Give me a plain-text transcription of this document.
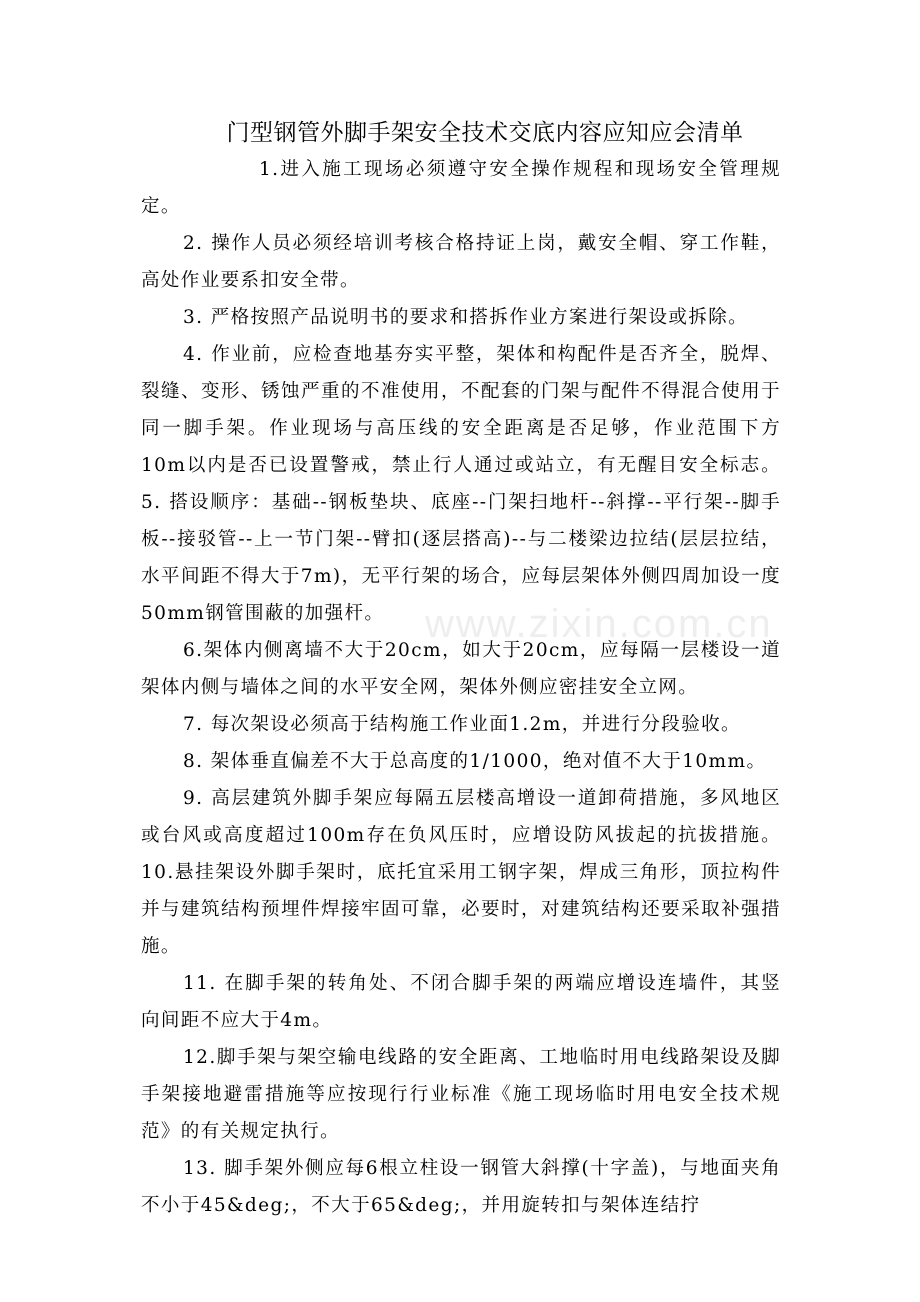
门型钢管外脚手架安全技术交底内容应知应会清单

1.进入施工现场必须遵守安全操作规程和现场安全管理规定。

2. 操作人员必须经培训考核合格持证上岗，戴安全帽、穿工作鞋，高处作业要系扣安全带。

3. 严格按照产品说明书的要求和搭拆作业方案进行架设或拆除。

4. 作业前，应检查地基夯实平整，架体和构配件是否齐全，脱焊、裂缝、变形、锈蚀严重的不准使用，不配套的门架与配件不得混合使用于同一脚手架。作业现场与高压线的安全距离是否足够，作业范围下方10m以内是否已设置警戒，禁止行人通过或站立，有无醒目安全标志。5. 搭设顺序：基础--钢板垫块、底座--门架扫地杆--斜撑--平行架--脚手板--接驳管--上一节门架--臂扣(逐层搭高)--与二楼梁边拉结(层层拉结，水平间距不得大于7m)，无平行架的场合，应每层架体外侧四周加设一度50mm钢管围蔽的加强杆。

6.架体内侧离墙不大于20cm，如大于20cm，应每隔一层楼设一道架体内侧与墙体之间的水平安全网，架体外侧应密挂安全立网。

7. 每次架设必须高于结构施工作业面1.2m，并进行分段验收。

8. 架体垂直偏差不大于总高度的1/1000，绝对值不大于10mm。

9. 高层建筑外脚手架应每隔五层楼高增设一道卸荷措施，多风地区或台风或高度超过100m存在负风压时，应增设防风拔起的抗拔措施。10.悬挂架设外脚手架时，底托宜采用工钢字架，焊成三角形，顶拉构件并与建筑结构预埋件焊接牢固可靠，必要时，对建筑结构还要采取补强措施。

11. 在脚手架的转角处、不闭合脚手架的两端应增设连墙件，其竖向间距不应大于4m。

12.脚手架与架空输电线路的安全距离、工地临时用电线路架设及脚手架接地避雷措施等应按现行行业标准《施工现场临时用电安全技术规范》的有关规定执行。

13. 脚手架外侧应每6根立柱设一钢管大斜撑(十字盖)，与地面夹角不小于45&deg;，不大于65&deg;，并用旋转扣与架体连结拧

www.zixin.com.cn
